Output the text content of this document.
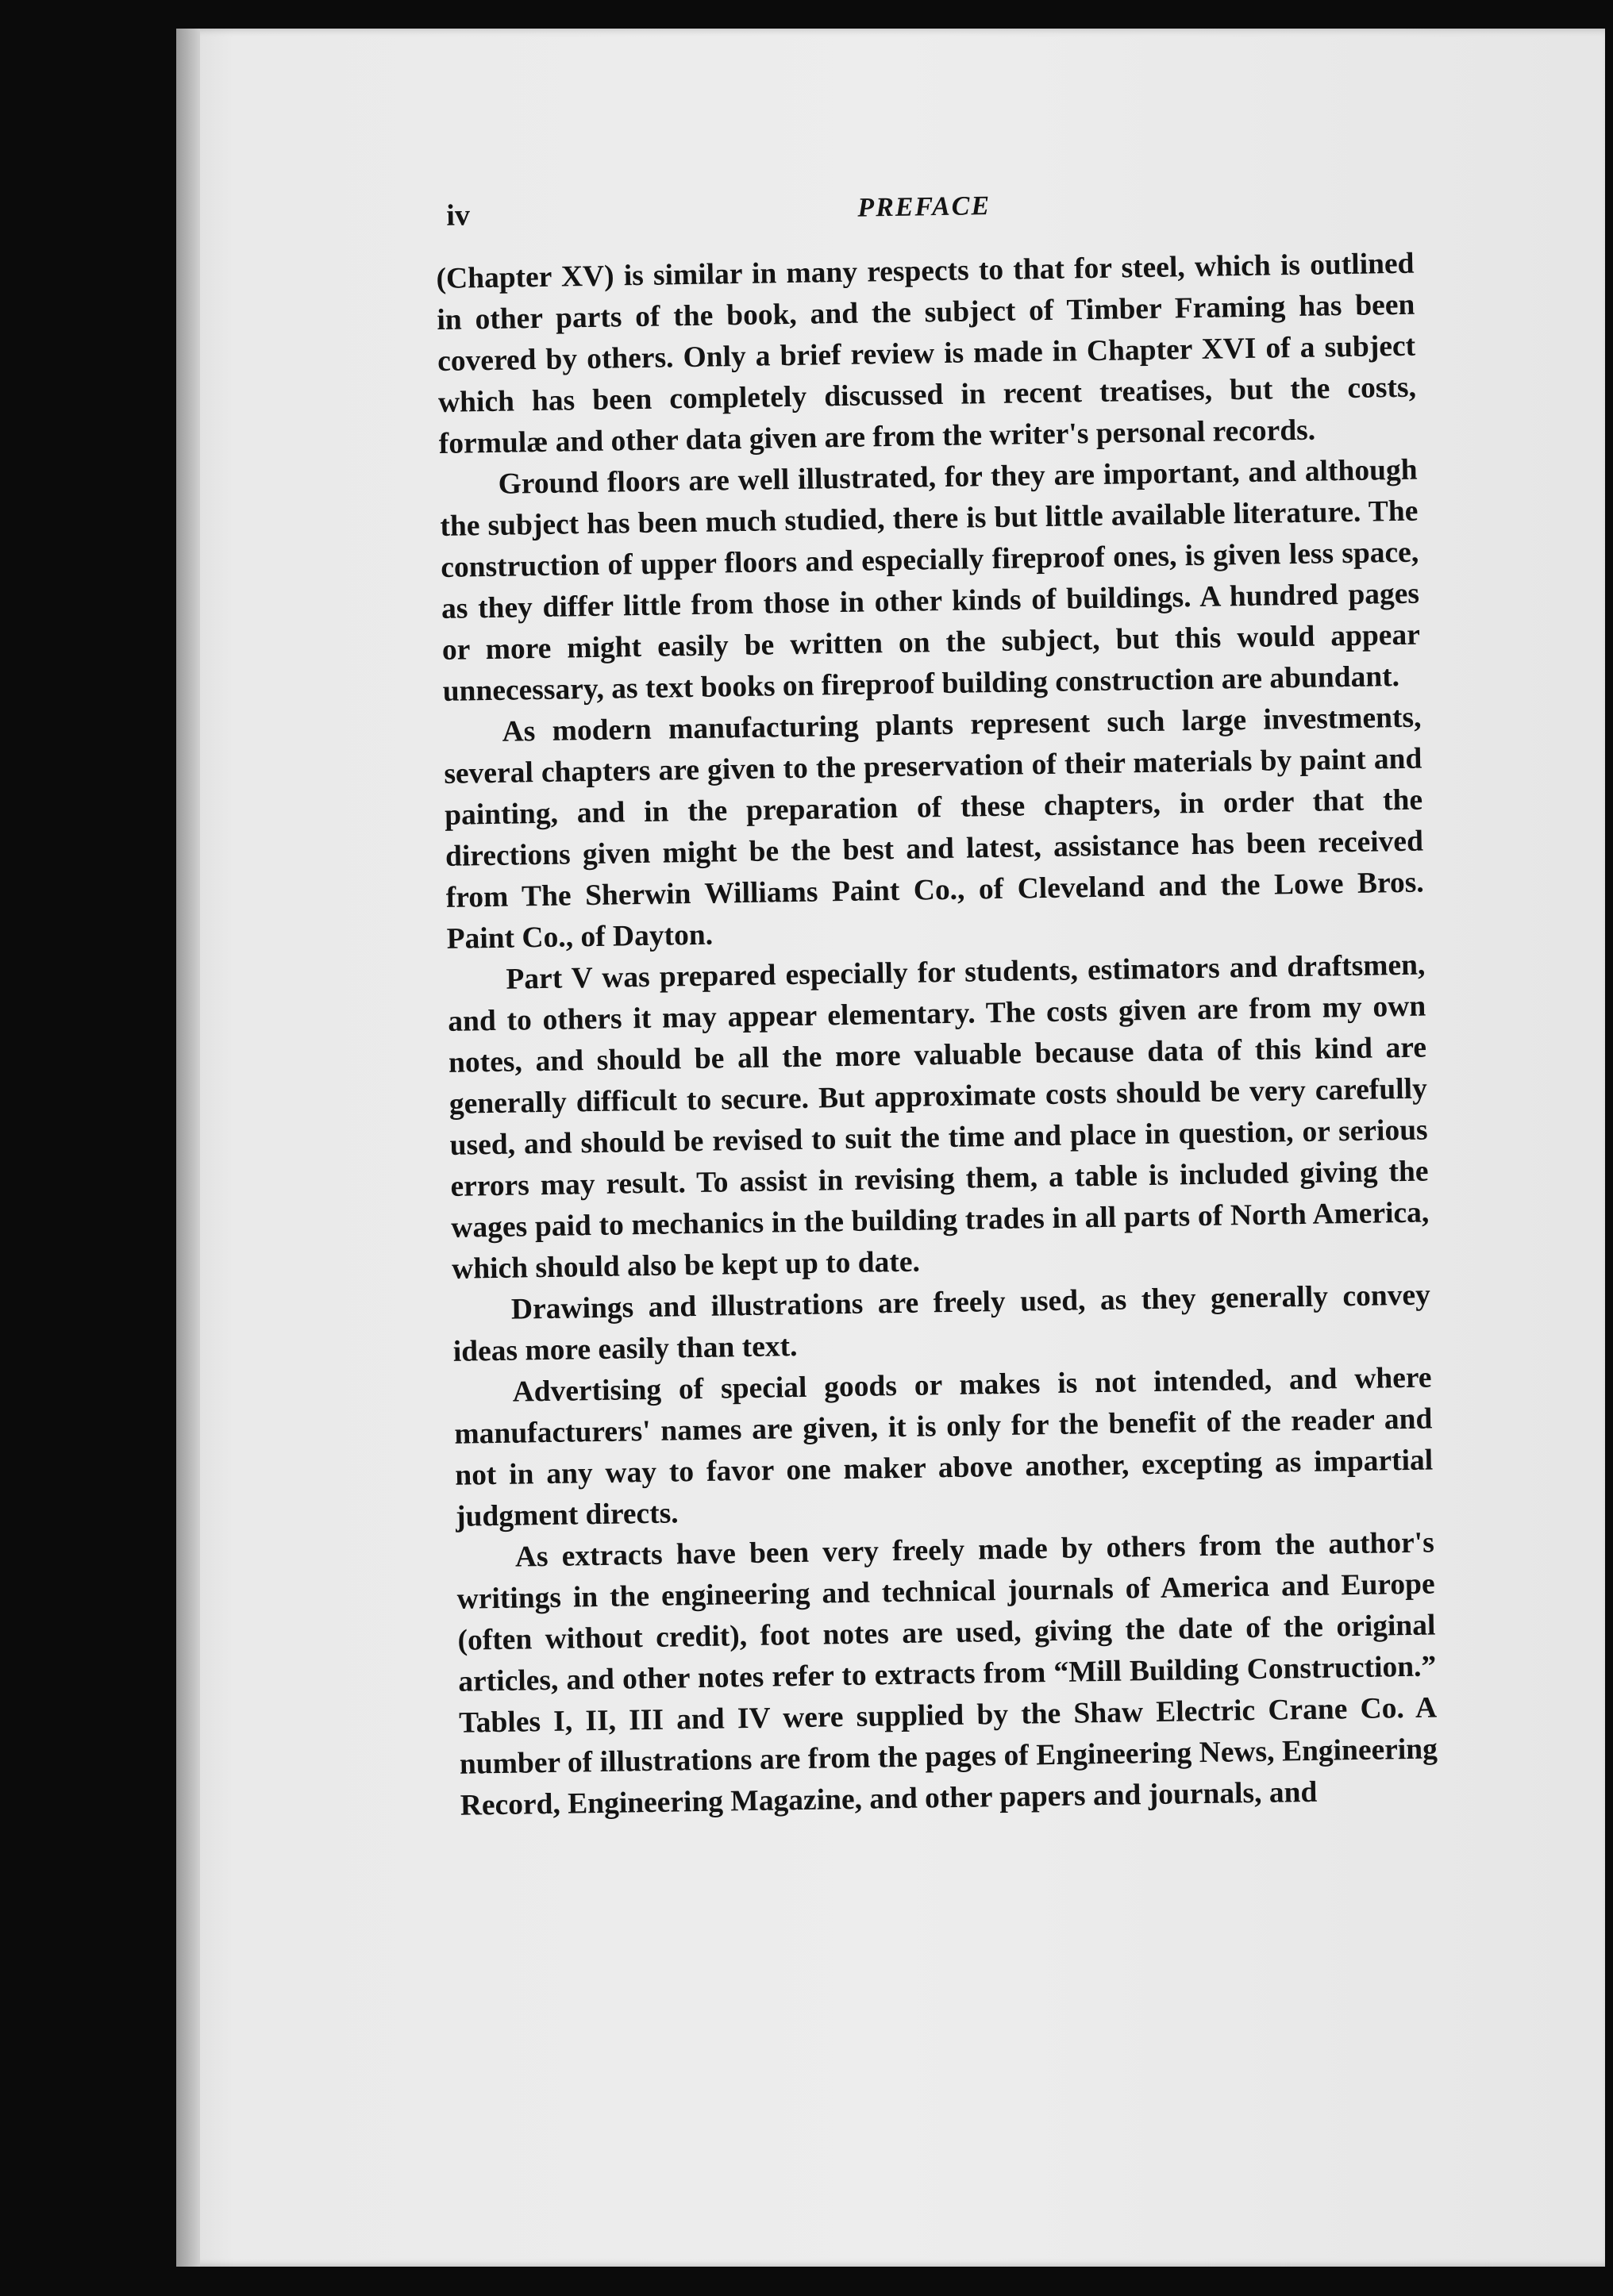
iv	PREFACE

(Chapter XV) is similar in many respects to that for steel, which is outlined in other parts of the book, and the subject of Timber Framing has been covered by others. Only a brief review is made in Chapter XVI of a subject which has been completely discussed in recent treatises, but the costs, formulæ and other data given are from the writer's personal records.

Ground floors are well illustrated, for they are important, and although the subject has been much studied, there is but little available literature. The construction of upper floors and especially fireproof ones, is given less space, as they differ little from those in other kinds of buildings. A hundred pages or more might easily be written on the subject, but this would appear unnecessary, as text books on fireproof building construction are abundant.

As modern manufacturing plants represent such large investments, several chapters are given to the preservation of their materials by paint and painting, and in the preparation of these chapters, in order that the directions given might be the best and latest, assistance has been received from The Sherwin Williams Paint Co., of Cleveland and the Lowe Bros. Paint Co., of Dayton.

Part V was prepared especially for students, estimators and draftsmen, and to others it may appear elementary. The costs given are from my own notes, and should be all the more valuable because data of this kind are generally difficult to secure. But approximate costs should be very carefully used, and should be revised to suit the time and place in question, or serious errors may result. To assist in revising them, a table is included giving the wages paid to mechanics in the building trades in all parts of North America, which should also be kept up to date.

Drawings and illustrations are freely used, as they generally convey ideas more easily than text.

Advertising of special goods or makes is not intended, and where manufacturers' names are given, it is only for the benefit of the reader and not in any way to favor one maker above another, excepting as impartial judgment directs.

As extracts have been very freely made by others from the author's writings in the engineering and technical journals of America and Europe (often without credit), foot notes are used, giving the date of the original articles, and other notes refer to extracts from “Mill Building Construction.” Tables I, II, III and IV were supplied by the Shaw Electric Crane Co. A number of illustrations are from the pages of Engineering News, Engineering Record, Engineering Magazine, and other papers and journals, and
